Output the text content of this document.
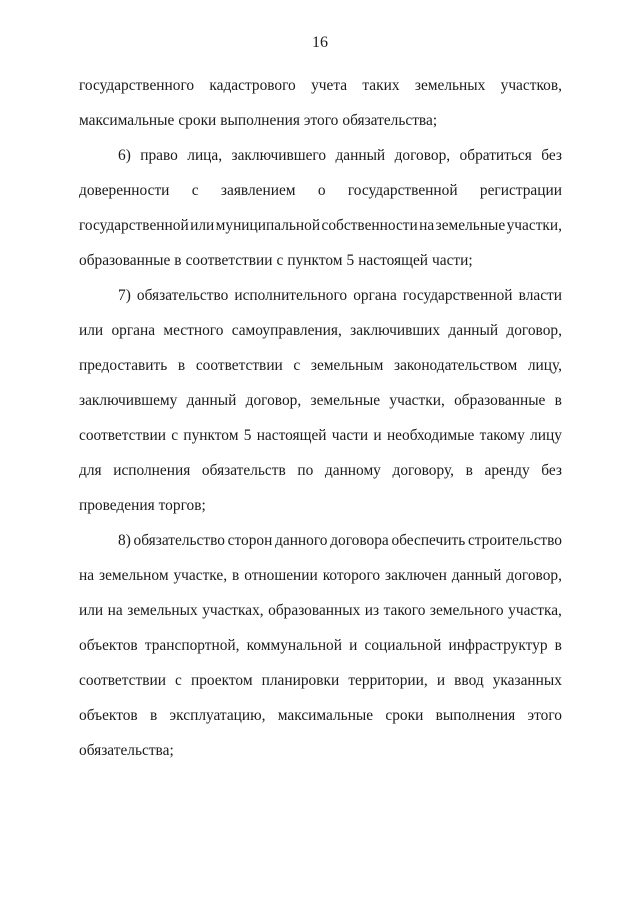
16
государственного кадастрового учета таких земельных участков,
максимальные сроки выполнения этого обязательства;
6) право лица, заключившего данный договор, обратиться без
доверенности с заявлением о государственной регистрации
государственной или муниципальной собственности на земельные участки,
образованные в соответствии с пунктом 5 настоящей части;
7) обязательство исполнительного органа государственной власти
или органа местного самоуправления, заключивших данный договор,
предоставить в соответствии с земельным законодательством лицу,
заключившему данный договор, земельные участки, образованные в
соответствии с пунктом 5 настоящей части и необходимые такому лицу
для исполнения обязательств по данному договору, в аренду без
проведения торгов;
8) обязательство сторон данного договора обеспечить строительство
на земельном участке, в отношении которого заключен данный договор,
или на земельных участках, образованных из такого земельного участка,
объектов транспортной, коммунальной и социальной инфраструктур в
соответствии с проектом планировки территории, и ввод указанных
объектов в эксплуатацию, максимальные сроки выполнения этого
обязательства;
